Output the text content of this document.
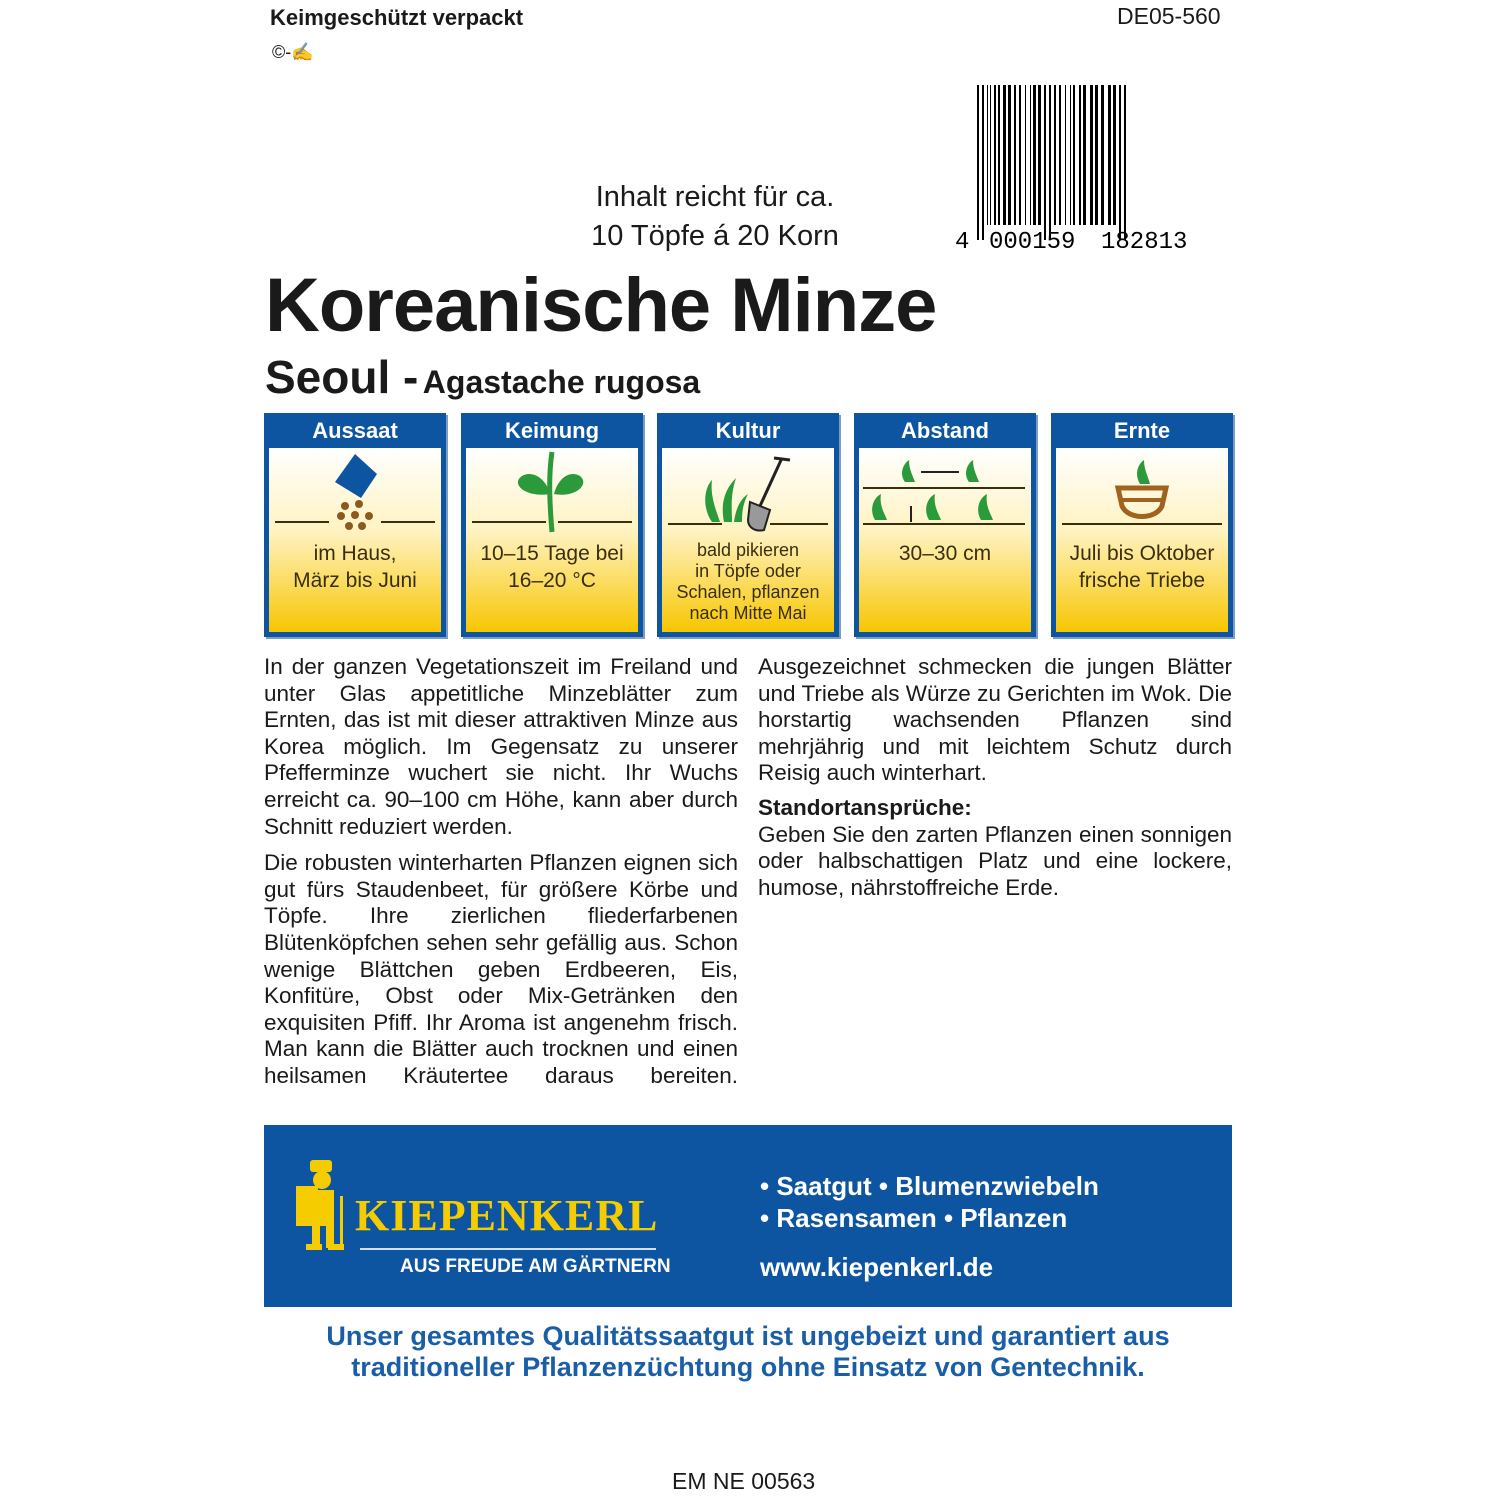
Keimgeschützt verpackt
©-✍
DE05-560
Inhalt reicht für ca.
10 Töpfe á 20 Korn	4 000159 182813
Koreanische Minze
Seoul - Agastache rugosa
Aussaat
im Haus,
März bis Juni
Keimung
10–15 Tage bei
16–20 °C
Kultur
bald pikieren
in Töpfe oder
Schalen, pflanzen
nach Mitte Mai
Abstand
30–30 cm
Ernte
Juli bis Oktober
frische Triebe

In der ganzen Vegetationszeit im Freiland und unter Glas appetitliche Minzeblätter zum Ernten, das ist mit dieser attraktiven Minze aus Korea möglich. Im Gegensatz zu unserer Pfefferminze wuchert sie nicht. Ihr Wuchs erreicht ca. 90–100 cm Höhe, kann aber durch Schnitt reduziert werden.

Die robusten winterharten Pflanzen eignen sich gut fürs Staudenbeet, für größere Körbe und Töpfe. Ihre zierlichen fliederfarbenen Blütenköpfchen sehen sehr gefällig aus. Schon wenige Blättchen geben Erdbeeren, Eis, Konfitüre, Obst oder Mix-Getränken den exquisiten Pfiff. Ihr Aroma ist angenehm frisch. Man kann die Blätter auch trocknen und einen heilsamen Kräutertee daraus bereiten. Ausgezeichnet schmecken die jungen Blätter und Triebe als Würze zu Gerichten im Wok. Die horstartig wachsenden Pflanzen sind mehrjährig und mit leichtem Schutz durch Reisig auch winterhart.

Standortansprüche:

Geben Sie den zarten Pflanzen einen sonnigen oder halbschattigen Platz und eine lockere, humose, nährstoffreiche Erde.

KIEPENKERL
AUS FREUDE AM GÄRTNERN
• Saatgut • Blumenzwiebeln
• Rasensamen • Pflanzen
www.kiepenkerl.de
Unser gesamtes Qualitätssaatgut ist ungebeizt und garantiert aus traditioneller Pflanzenzüchtung ohne Einsatz von Gentechnik.
EM NE 00563
